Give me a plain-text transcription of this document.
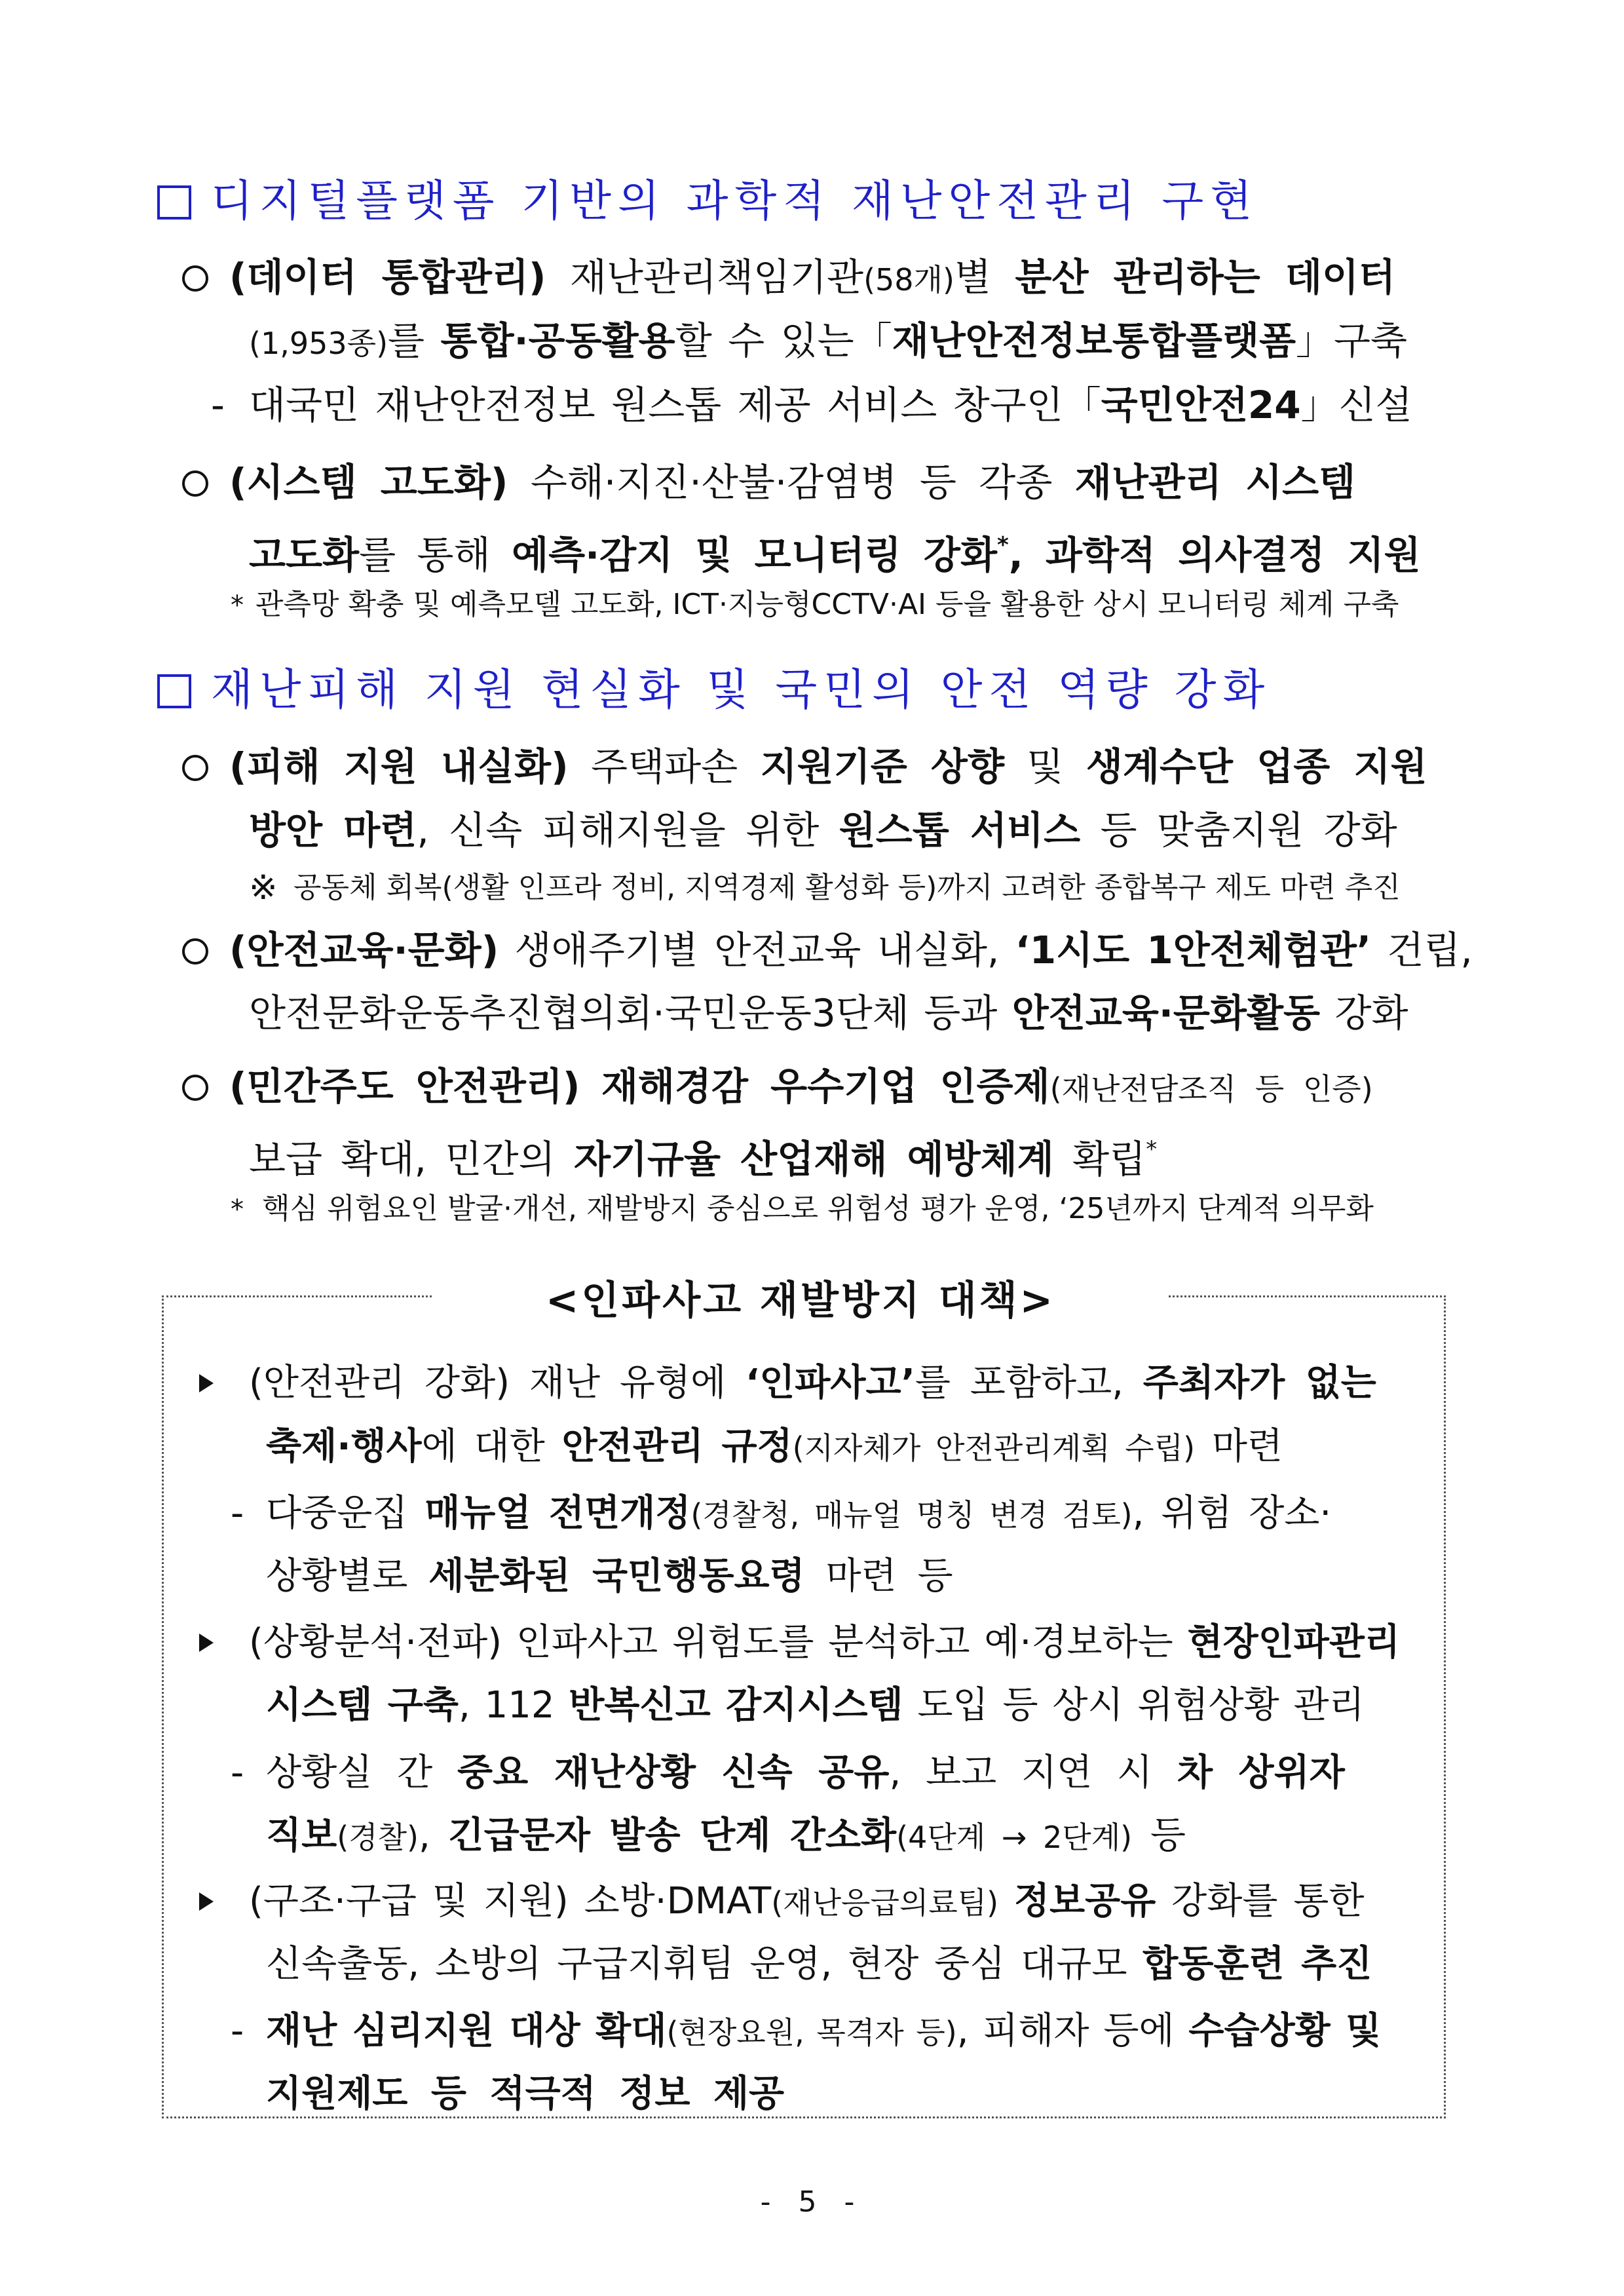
디지털플랫폼 기반의 과학적 재난안전관리 구현
(데이터 통합관리) 재난관리책임기관(58개)별 분산 관리하는 데이터
(1,953종)를 통합·공동활용할 수 있는「재난안전정보통합플랫폼」구축
- 대국민 재난안전정보 원스톱 제공 서비스 창구인「국민안전24」신설
(시스템 고도화) 수해·지진·산불·감염병 등 각종 재난관리 시스템
고도화를 통해 예측·감지 및 모니터링 강화*, 과학적 의사결정 지원
* 관측망 확충 및 예측모델 고도화, ICT·지능형CCTV·AI 등을 활용한 상시 모니터링 체계 구축
재난피해 지원 현실화 및 국민의 안전 역량 강화
(피해 지원 내실화) 주택파손 지원기준 상향 및 생계수단 업종 지원
방안 마련, 신속 피해지원을 위한 원스톱 서비스 등 맞춤지원 강화
※ 공동체 회복(생활 인프라 정비, 지역경제 활성화 등)까지 고려한 종합복구 제도 마련 추진
(안전교육·문화) 생애주기별 안전교육 내실화, ‘1시도 1안전체험관’ 건립,
안전문화운동추진협의회·국민운동3단체 등과 안전교육·문화활동 강화
(민간주도 안전관리) 재해경감 우수기업 인증제(재난전담조직 등 인증)
보급 확대, 민간의 자기규율 산업재해 예방체계 확립*
* 핵심 위험요인 발굴·개선, 재발방지 중심으로 위험성 평가 운영, ‘25년까지 단계적 의무화
<인파사고 재발방지 대책>
(안전관리 강화) 재난 유형에 ‘인파사고’를 포함하고, 주최자가 없는
축제·행사에 대한 안전관리 규정(지자체가 안전관리계획 수립) 마련
- 다중운집 매뉴얼 전면개정(경찰청, 매뉴얼 명칭 변경 검토), 위험 장소·
상황별로 세분화된 국민행동요령 마련 등
(상황분석·전파) 인파사고 위험도를 분석하고 예·경보하는 현장인파관리
시스템 구축, 112 반복신고 감지시스템 도입 등 상시 위험상황 관리
- 상황실 간 중요 재난상황 신속 공유, 보고 지연 시 차 상위자
직보(경찰), 긴급문자 발송 단계 간소화(4단계 → 2단계) 등
(구조·구급 및 지원) 소방·DMAT(재난응급의료팀) 정보공유 강화를 통한
신속출동, 소방의 구급지휘팀 운영, 현장 중심 대규모 합동훈련 추진
- 재난 심리지원 대상 확대(현장요원, 목격자 등), 피해자 등에 수습상황 및
지원제도 등 적극적 정보 제공
- 5 -
